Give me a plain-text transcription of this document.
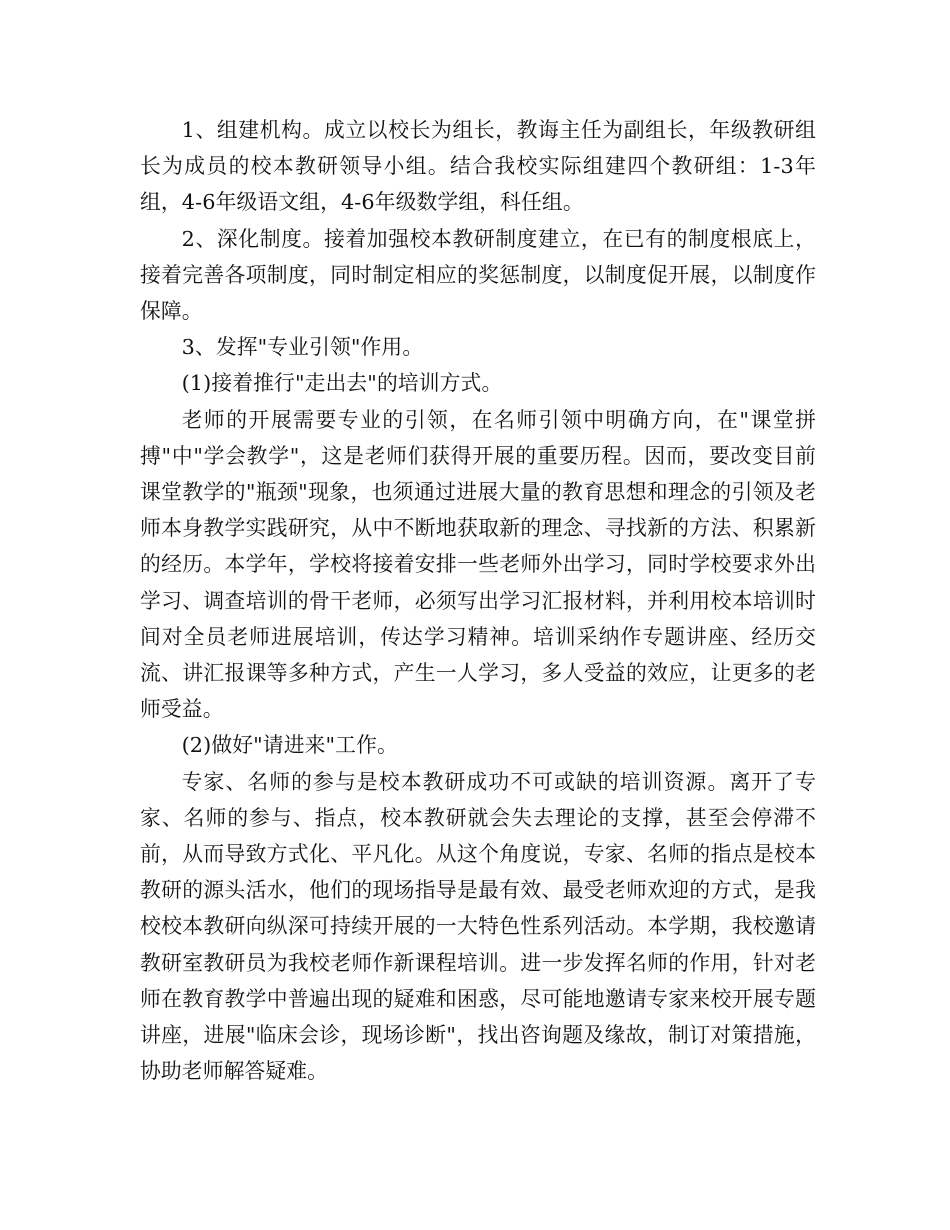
1、组建机构。成立以校长为组长，教诲主任为副组长，年级教研组长为成员的校本教研领导小组。结合我校实际组建四个教研组：1-3年组，4-6年级语文组，4-6年级数学组，科任组。

2、深化制度。接着加强校本教研制度建立，在已有的制度根底上，接着完善各项制度，同时制定相应的奖惩制度，以制度促开展，以制度作保障。

3、发挥"专业引领"作用。

(1)接着推行"走出去"的培训方式。

老师的开展需要专业的引领，在名师引领中明确方向，在"课堂拼搏"中"学会教学"，这是老师们获得开展的重要历程。因而，要改变目前课堂教学的"瓶颈"现象，也须通过进展大量的教育思想和理念的引领及老师本身教学实践研究，从中不断地获取新的理念、寻找新的方法、积累新的经历。本学年，学校将接着安排一些老师外出学习，同时学校要求外出学习、调查培训的骨干老师，必须写出学习汇报材料，并利用校本培训时间对全员老师进展培训，传达学习精神。培训采纳作专题讲座、经历交流、讲汇报课等多种方式，产生一人学习，多人受益的效应，让更多的老师受益。

(2)做好"请进来"工作。

专家、名师的参与是校本教研成功不可或缺的培训资源。离开了专家、名师的参与、指点，校本教研就会失去理论的支撑，甚至会停滞不前，从而导致方式化、平凡化。从这个角度说，专家、名师的指点是校本教研的源头活水，他们的现场指导是最有效、最受老师欢迎的方式，是我校校本教研向纵深可持续开展的一大特色性系列活动。本学期，我校邀请教研室教研员为我校老师作新课程培训。进一步发挥名师的作用，针对老师在教育教学中普遍出现的疑难和困惑，尽可能地邀请专家来校开展专题讲座，进展"临床会诊，现场诊断"，找出咨询题及缘故，制订对策措施，协助老师解答疑难。
